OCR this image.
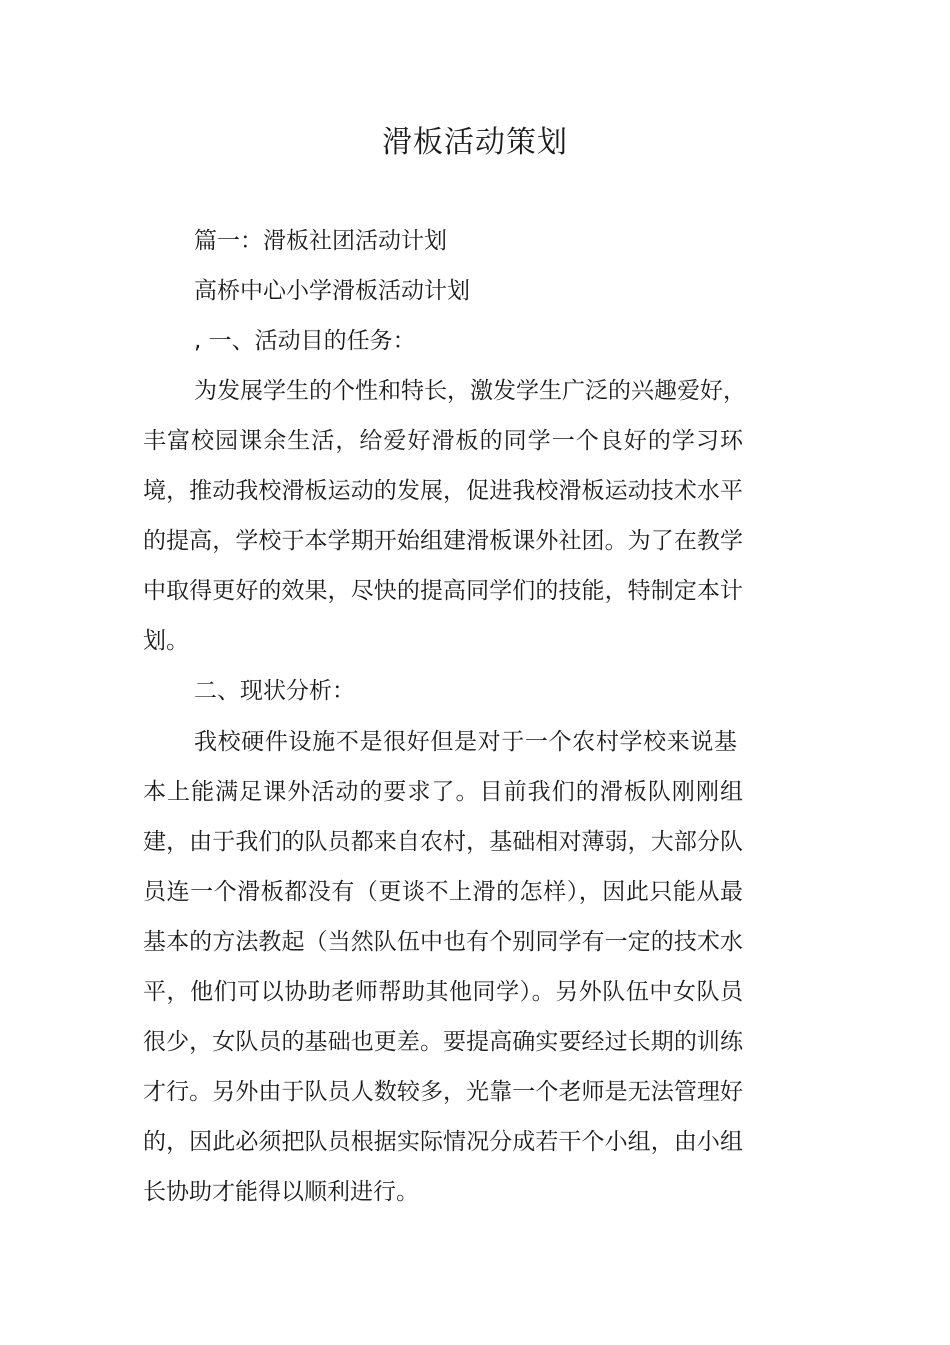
滑板活动策划

篇一：滑板社团活动计划

高桥中心小学滑板活动计划

, 一、活动目的任务：

为发展学生的个性和特长，激发学生广泛的兴趣爱好，

丰富校园课余生活，给爱好滑板的同学一个良好的学习环

境，推动我校滑板运动的发展，促进我校滑板运动技术水平

的提高，学校于本学期开始组建滑板课外社团。为了在教学

中取得更好的效果，尽快的提高同学们的技能，特制定本计

划。

二、现状分析：

我校硬件设施不是很好但是对于一个农村学校来说基

本上能满足课外活动的要求了。目前我们的滑板队刚刚组

建，由于我们的队员都来自农村，基础相对薄弱，大部分队

员连一个滑板都没有（更谈不上滑的怎样），因此只能从最

基本的方法教起（当然队伍中也有个别同学有一定的技术水

平，他们可以协助老师帮助其他同学）。另外队伍中女队员

很少，女队员的基础也更差。要提高确实要经过长期的训练

才行。另外由于队员人数较多，光靠一个老师是无法管理好

的，因此必须把队员根据实际情况分成若干个小组，由小组

长协助才能得以顺利进行。
